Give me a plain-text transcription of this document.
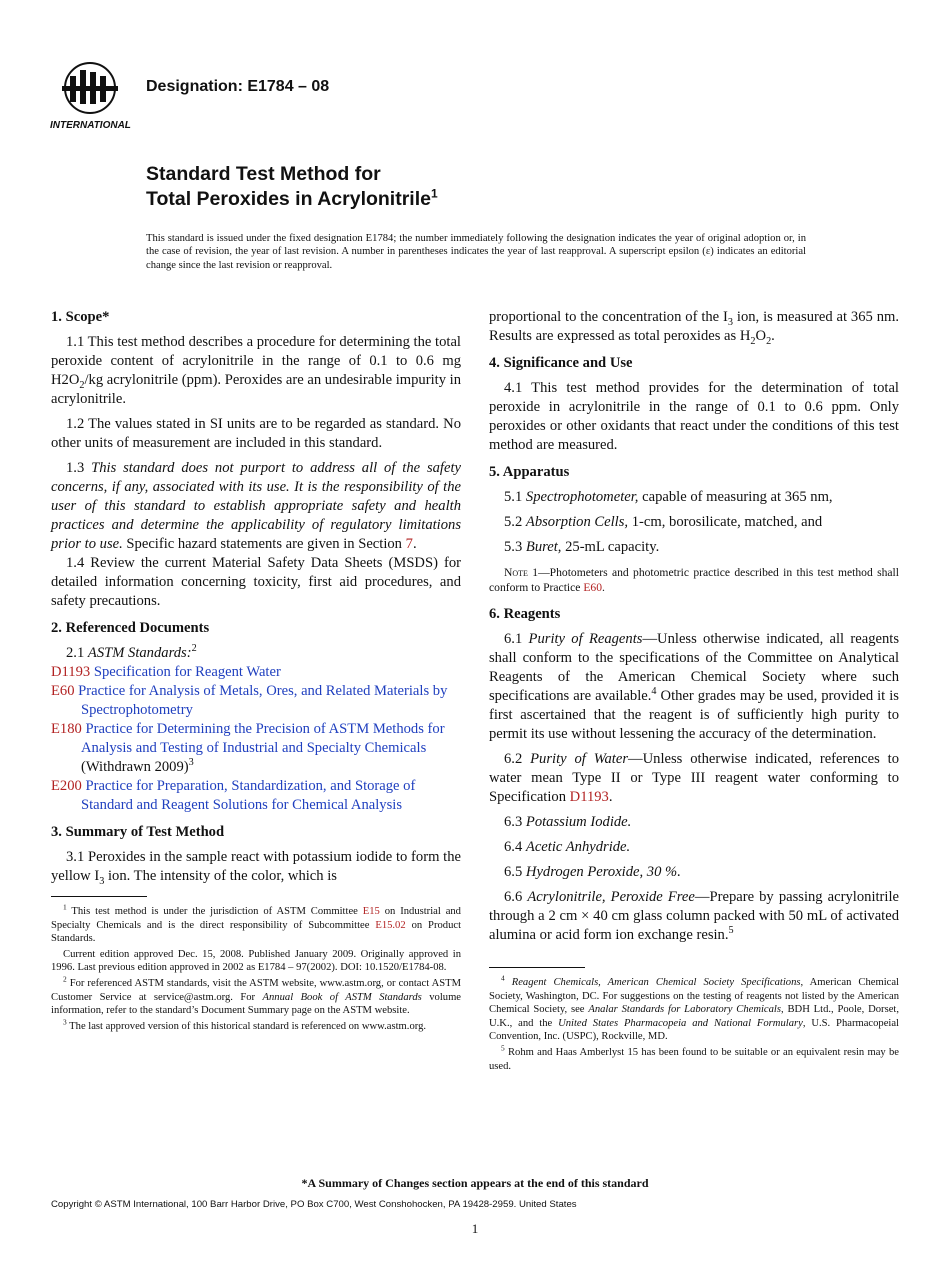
INTERNATIONAL
Designation: E1784 – 08
Standard Test Method for
Total Peroxides in Acrylonitrile$^1$
This standard is issued under the fixed designation E1784; the number immediately following the designation indicates the year of original adoption or, in the case of revision, the year of last revision. A number in parentheses indicates the year of last reapproval. A superscript epsilon (ε) indicates an editorial change since the last revision or reapproval.
1. Scope*

1.1 This test method describes a procedure for determining the total peroxide content of acrylonitrile in the range of 0.1 to 0.6 mg $H2O_2/kg$ acrylonitrile (ppm). Peroxides are an undesirable impurity in acrylonitrile.

1.2 The values stated in SI units are to be regarded as standard. No other units of measurement are included in this standard.

1.3 This standard does not purport to address all of the safety concerns, if any, associated with its use. It is the responsibility of the user of this standard to establish appropriate safety and health practices and determine the applicability of regulatory limitations prior to use. Specific hazard statements are given in Section 7.

1.4 Review the current Material Safety Data Sheets (MSDS) for detailed information concerning toxicity, first aid procedures, and safety precautions.

2. Referenced Documents

2.1 ASTM Standards:$^2$

D1193 Specification for Reagent Water

E60 Practice for Analysis of Metals, Ores, and Related Materials by Spectrophotometry

E180 Practice for Determining the Precision of ASTM Methods for Analysis and Testing of Industrial and Specialty Chemicals (Withdrawn 2009)$^3$

E200 Practice for Preparation, Standardization, and Storage of Standard and Reagent Solutions for Chemical Analysis

3. Summary of Test Method

3.1 Peroxides in the sample react with potassium iodide to form the yellow $I_3$ ion. The intensity of the color, which is

$^1$ This test method is under the jurisdiction of ASTM Committee E15 on Industrial and Specialty Chemicals and is the direct responsibility of Subcommittee E15.02 on Product Standards.

Current edition approved Dec. 15, 2008. Published January 2009. Originally approved in 1996. Last previous edition approved in 2002 as E1784 – 97(2002). DOI: 10.1520/E1784-08.

$^2$ For referenced ASTM standards, visit the ASTM website, www.astm.org, or contact ASTM Customer Service at service@astm.org. For Annual Book of ASTM Standards volume information, refer to the standard’s Document Summary page on the ASTM website.

$^3$ The last approved version of this historical standard is referenced on www.astm.org.

proportional to the concentration of the $I_3$ ion, is measured at 365 nm. Results are expressed as total peroxides as $H_2O_2$.

4. Significance and Use

4.1 This test method provides for the determination of total peroxide in acrylonitrile in the range of 0.1 to 0.6 ppm. Only peroxides or other oxidants that react under the conditions of this test method are measured.

5. Apparatus

5.1 Spectrophotometer, capable of measuring at 365 nm,

5.2 Absorption Cells, 1-cm, borosilicate, matched, and

5.3 Buret, 25-mL capacity.

Note 1—Photometers and photometric practice described in this test method shall conform to Practice E60.

6. Reagents

6.1 Purity of Reagents—Unless otherwise indicated, all reagents shall conform to the specifications of the Committee on Analytical Reagents of the American Chemical Society where such specifications are available.$^4$ Other grades may be used, provided it is first ascertained that the reagent is of sufficiently high purity to permit its use without lessening the accuracy of the determination.

6.2 Purity of Water—Unless otherwise indicated, references to water mean Type II or Type III reagent water conforming to Specification D1193.

6.3 Potassium Iodide.

6.4 Acetic Anhydride.

6.5 Hydrogen Peroxide, 30 %.

6.6 Acrylonitrile, Peroxide Free—Prepare by passing acrylonitrile through a 2 cm × 40 cm glass column packed with 50 mL of activated alumina or acid form ion exchange resin.$^5$

$^4$ Reagent Chemicals, American Chemical Society Specifications, American Chemical Society, Washington, DC. For suggestions on the testing of reagents not listed by the American Chemical Society, see Analar Standards for Laboratory Chemicals, BDH Ltd., Poole, Dorset, U.K., and the United States Pharmacopeia and National Formulary, U.S. Pharmacopeial Convention, Inc. (USPC), Rockville, MD.

$^5$ Rohm and Haas Amberlyst 15 has been found to be suitable or an equivalent resin may be used.

*A Summary of Changes section appears at the end of this standard
Copyright © ASTM International, 100 Barr Harbor Drive, PO Box C700, West Conshohocken, PA 19428-2959. United States
1
